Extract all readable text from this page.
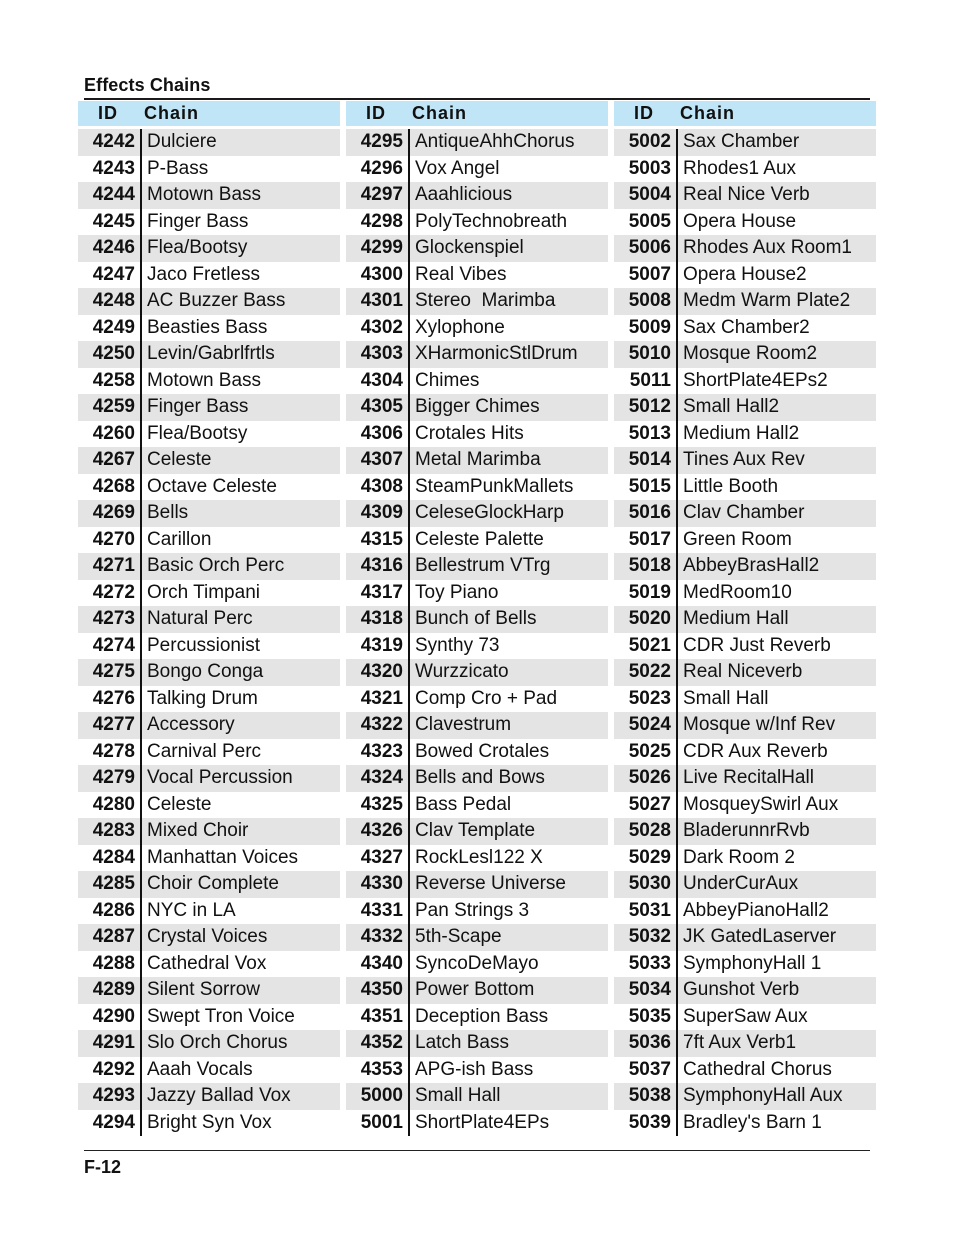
Effects Chains
ID	Chain
4242 Dulciere
4243 P-Bass
4244 Motown Bass
4245 Finger Bass
4246 Flea/Bootsy
4247 Jaco Fretless
4248 AC Buzzer Bass
4249 Beasties Bass
4250 Levin/Gabrlfrtls
4258 Motown Bass
4259 Finger Bass
4260 Flea/Bootsy
4267 Celeste
4268 Octave Celeste
4269 Bells
4270 Carillon
4271 Basic Orch Perc
4272 Orch Timpani
4273 Natural Perc
4274 Percussionist
4275 Bongo Conga
4276 Talking Drum
4277 Accessory
4278 Carnival Perc
4279 Vocal Percussion
4280 Celeste
4283 Mixed Choir
4284 Manhattan Voices
4285 Choir Complete
4286 NYC in LA
4287 Crystal Voices
4288 Cathedral Vox
4289 Silent Sorrow
4290 Swept Tron Voice
4291 Slo Orch Chorus
4292 Aaah Vocals
4293 Jazzy Ballad Vox
4294 Bright Syn Vox
ID	Chain
4295 AntiqueAhhChorus
4296 Vox Angel
4297 Aaahlicious
4298 PolyTechnobreath
4299 Glockenspiel
4300 Real Vibes
4301 Stereo  Marimba
4302 Xylophone
4303 XHarmonicStlDrum
4304 Chimes
4305 Bigger Chimes
4306 Crotales Hits
4307 Metal Marimba
4308 SteamPunkMallets
4309 CeleseGlockHarp
4315 Celeste Palette
4316 Bellestrum VTrg
4317 Toy Piano
4318 Bunch of Bells
4319 Synthy 73
4320 Wurzzicato
4321 Comp Cro + Pad
4322 Clavestrum
4323 Bowed Crotales
4324 Bells and Bows
4325 Bass Pedal
4326 Clav Template
4327 RockLesl122 X
4330 Reverse Universe
4331 Pan Strings 3
4332 5th-Scape
4340 SyncoDeMayo
4350 Power Bottom
4351 Deception Bass
4352 Latch Bass
4353 APG-ish Bass
5000 Small Hall
5001 ShortPlate4EPs
ID	Chain
5002 Sax Chamber
5003 Rhodes1 Aux
5004 Real Nice Verb
5005 Opera House
5006 Rhodes Aux Room1
5007 Opera House2
5008 Medm Warm Plate2
5009 Sax Chamber2
5010 Mosque Room2
5011 ShortPlate4EPs2
5012 Small Hall2
5013 Medium Hall2
5014 Tines Aux Rev
5015 Little Booth
5016 Clav Chamber
5017 Green Room
5018 AbbeyBrasHall2
5019 MedRoom10
5020 Medium Hall
5021 CDR Just Reverb
5022 Real Niceverb
5023 Small Hall
5024 Mosque w/Inf Rev
5025 CDR Aux Reverb
5026 Live RecitalHall
5027 MosqueySwirl Aux
5028 BladerunnrRvb
5029 Dark Room 2
5030 UnderCurAux
5031 AbbeyPianoHall2
5032 JK GatedLaserver
5033 SymphonyHall 1
5034 Gunshot Verb
5035 SuperSaw Aux
5036 7ft Aux Verb1
5037 Cathedral Chorus
5038 SymphonyHall Aux
5039 Bradley's Barn 1
F-12
